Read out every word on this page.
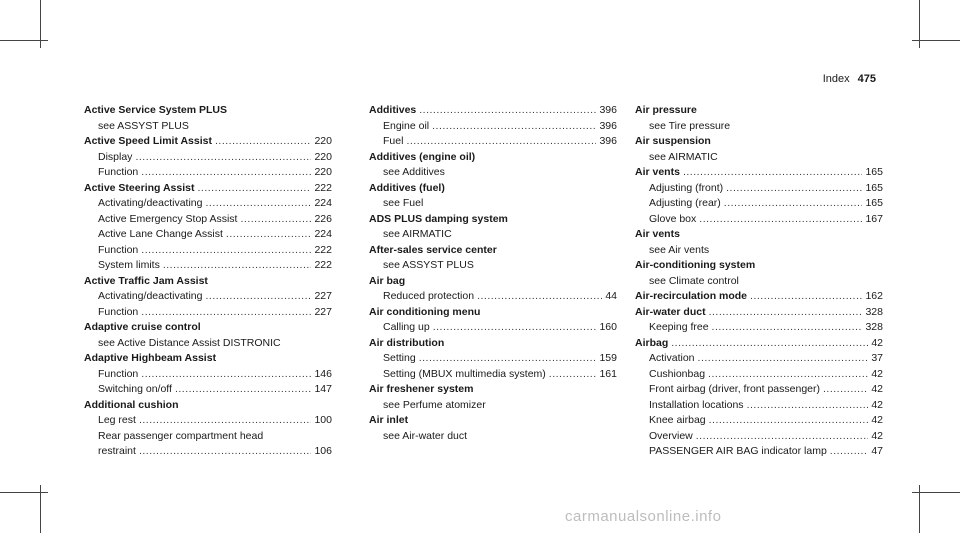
Index 475
Active Service System PLUS
see ASSYST PLUS
Active Speed Limit Assist .....	220
Display .....	220
Function .....	220
Active Steering Assist .....	222
Activating/deactivating .....	224
Active Emergency Stop Assist .....	226
Active Lane Change Assist .....	224
Function .....	222
System limits .....	222
Active Traffic Jam Assist
Activating/deactivating .....	227
Function .....	227
Adaptive cruise control
see Active Distance Assist DISTRONIC
Adaptive Highbeam Assist
Function .....	146
Switching on/off .....	147
Additional cushion
Leg rest .....	100
Rear passenger compartment head
restraint .....	106
Additives .....	396
Engine oil .....	396
Fuel .....	396
Additives (engine oil)
see Additives
Additives (fuel)
see Fuel
ADS PLUS damping system
see AIRMATIC
After-sales service center
see ASSYST PLUS
Air bag
Reduced protection .....	44
Air conditioning menu
Calling up .....	160
Air distribution
Setting .....	159
Setting (MBUX multimedia system) .....	161
Air freshener system
see Perfume atomizer
Air inlet
see Air-water duct
Air pressure
see Tire pressure
Air suspension
see AIRMATIC
Air vents .....	165
Adjusting (front) .....	165
Adjusting (rear) .....	165
Glove box .....	167
Air vents
see Air vents
Air-conditioning system
see Climate control
Air-recirculation mode .....	162
Air-water duct .....	328
Keeping free .....	328
Airbag .....	42
Activation .....	37
Cushionbag .....	42
Front airbag (driver, front passenger) .....	42
Installation locations .....	42
Knee airbag .....	42
Overview .....	42
PASSENGER AIR BAG indicator lamp .....	47
carmanualsonline.info
